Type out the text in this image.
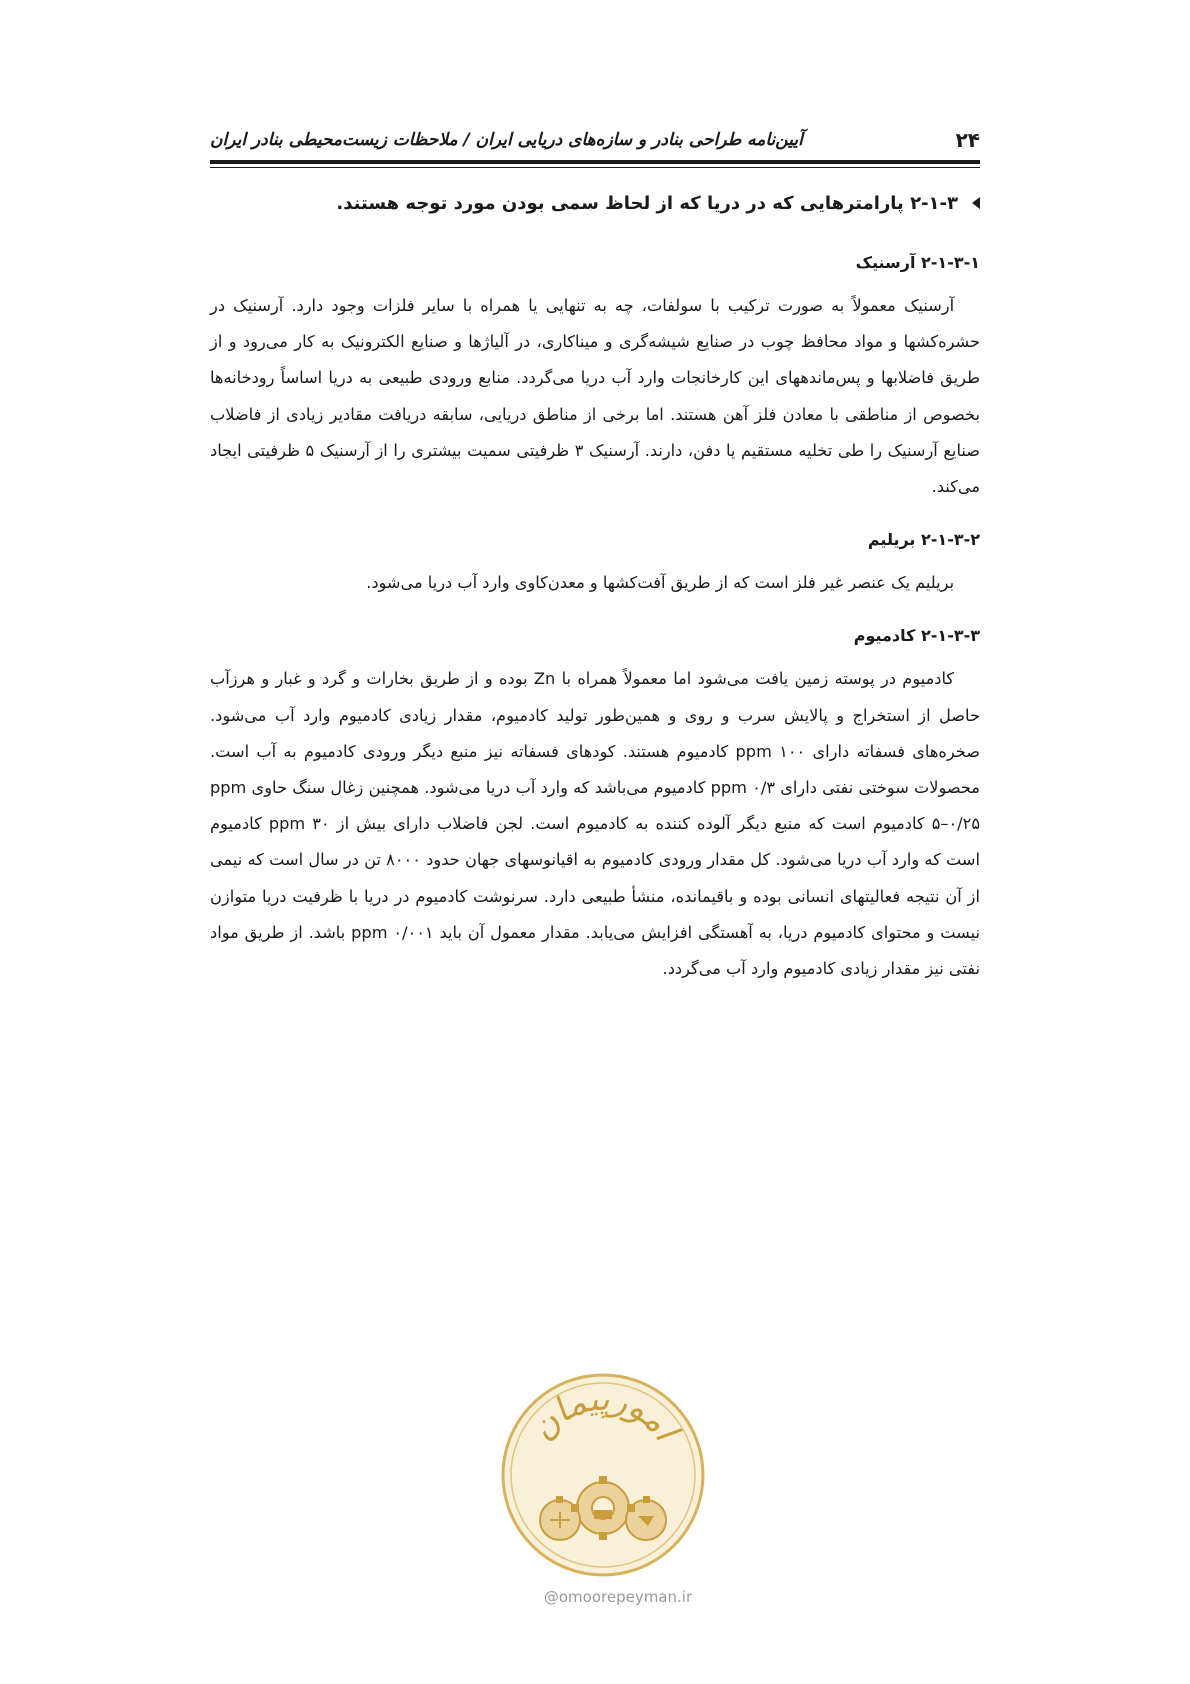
۲۴
آیین‌نامه طراحی بنادر و سازه‌های دریایی ایران / ملاحظات زیست‌محیطی بنادر ایران
۲-۱-۳ پارامترهایی که در دریا که از لحاظ سمی بودن مورد توجه هستند.
۲-۱-۳-۱ آرسنیک

آرسنیک معمولاً به صورت ترکیب با سولفات، چه به تنهایی یا همراه با سایر فلزات وجود دارد. آرسنیک در حشره‌کشها و مواد محافظ چوب در صنایع شیشه‌گری و میناکاری، در آلیاژها و صنایع الکترونیک به کار می‌رود و از طریق فاضلابها و پس‌ماندههای این کارخانجات وارد آب دریا می‌گردد. منابع ورودی طبیعی به دریا اساساً رودخانه‌ها بخصوص از مناطقی با معادن فلز آهن هستند. اما برخی از مناطق دریایی، سابقه دریافت مقادیر زیادی از فاضلاب صنایع آرسنیک را طی تخلیه مستقیم یا دفن، دارند. آرسنیک ۳ ظرفیتی سمیت بیشتری را از آرسنیک ۵ ظرفیتی ایجاد می‌کند.

۲-۱-۳-۲ بریلیم

بریلیم یک عنصر غیر فلز است که از طریق آفت‌کشها و معدن‌کاوی وارد آب دریا می‌شود.

۲-۱-۳-۳ کادمیوم

کادمیوم در پوسته زمین یافت می‌شود اما معمولاً همراه با Zn بوده و از طریق بخارات و گرد و غبار و هرزآب حاصل از استخراج و پالایش سرب و روی و همین‌طور تولید کادمیوم، مقدار زیادی کادمیوم وارد آب می‌شود. صخره‌های فسفاته دارای ppm ۱۰۰ کادمیوم هستند. کودهای فسفاته نیز منبع دیگر ورودی کادمیوم به آب است. محصولات سوختی نفتی دارای ppm ۰/۳ کادمیوم می‌باشد که وارد آب دریا می‌شود. همچنین زغال سنگ حاوی ppm ۵–۰/۲۵ کادمیوم است که منبع دیگر آلوده کننده به کادمیوم است. لجن فاضلاب دارای بیش از ppm ۳۰ کادمیوم است که وارد آب دریا می‌شود. کل مقدار ورودی کادمیوم به اقیانوسهای جهان حدود ۸۰۰۰ تن در سال است که نیمی از آن نتیجه فعالیتهای انسانی بوده و باقیمانده، منشأ طبیعی دارد. سرنوشت کادمیوم در دریا با ظرفیت دریا متوازن نیست و محتوای کادمیوم دریا، به آهستگی افزایش می‌یابد. مقدار معمول آن باید ppm ۰/۰۰۱ باشد. از طریق مواد نفتی نیز مقدار زیادی کادمیوم وارد آب می‌گردد.

امورپیمان
@omoorepeyman.ir
